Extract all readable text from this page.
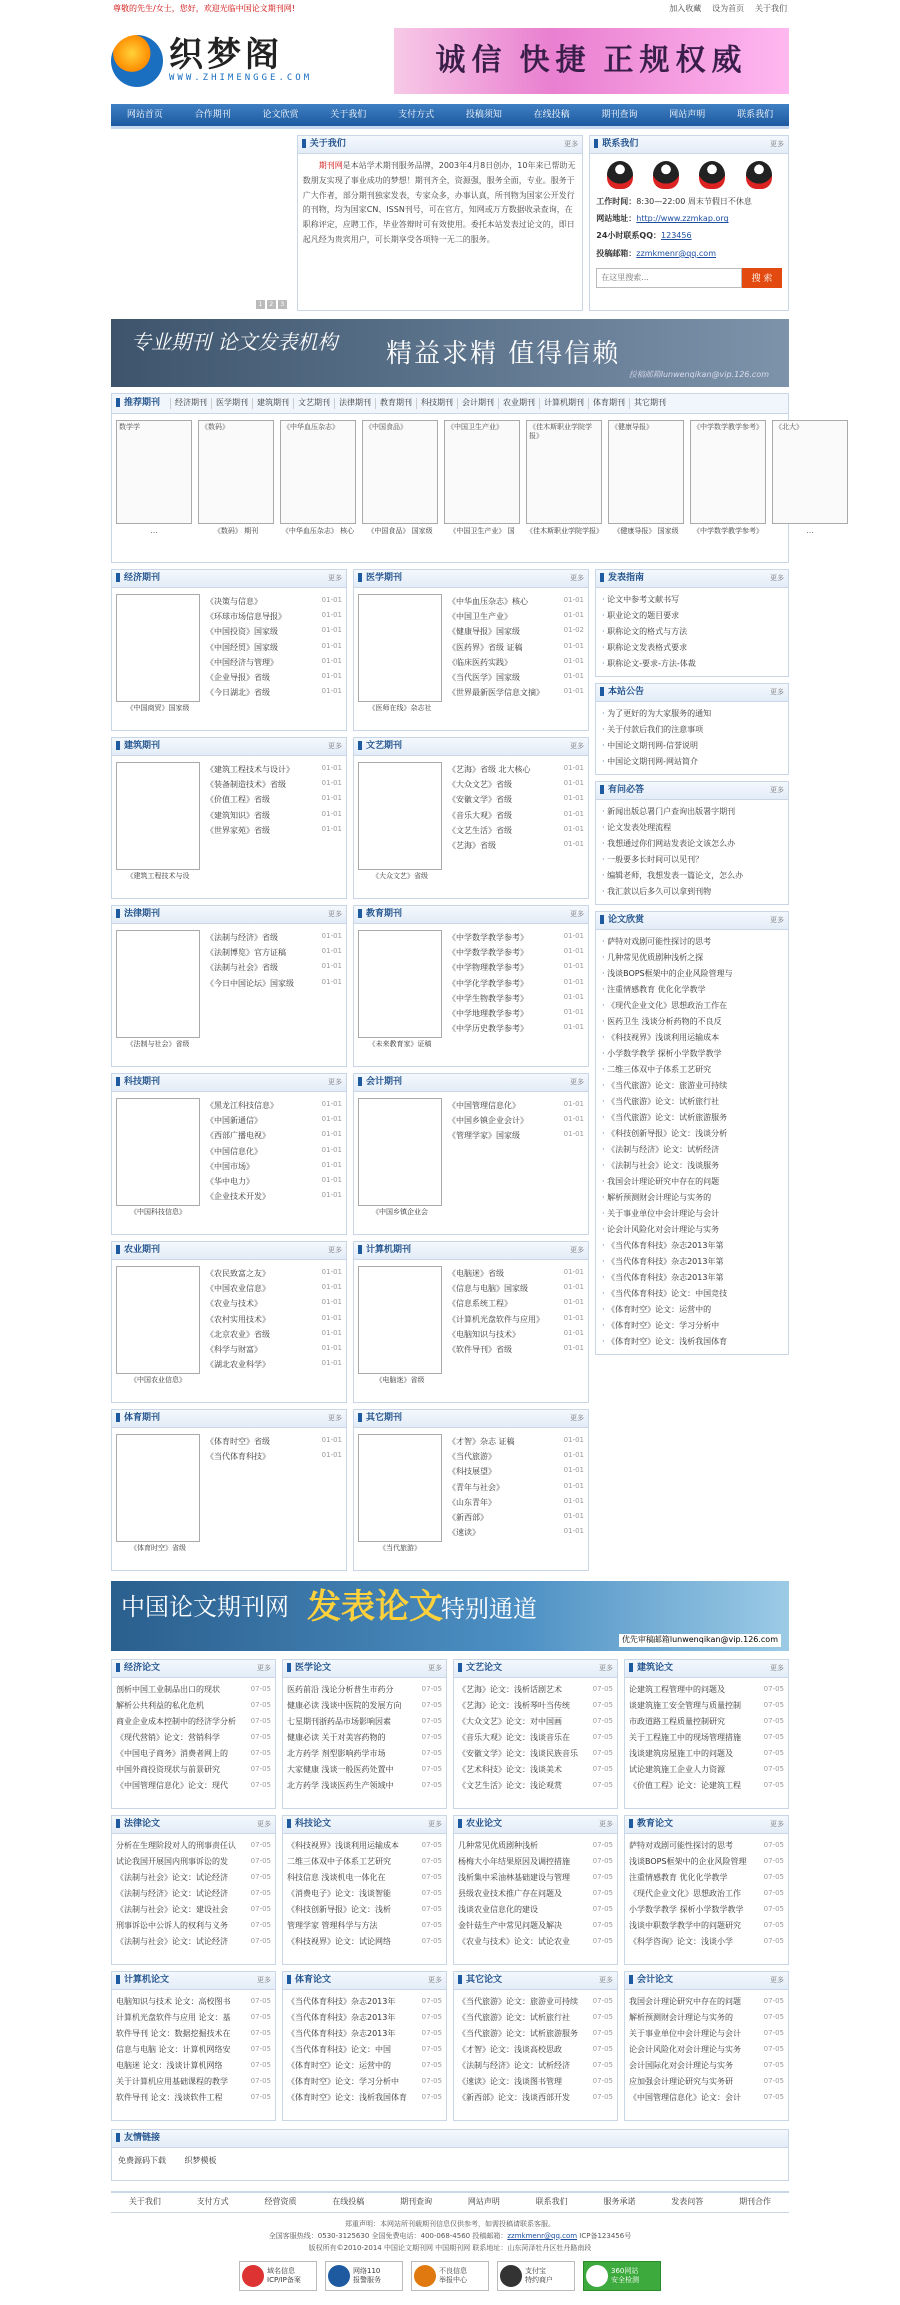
尊敬的先生/女士，您好，欢迎光临中国论文期刊网!	加入收藏 设为首页 关于我们
织梦阁
WWW.ZHIMENGGE.COM
诚信 快捷 正规权威
网站首页	合作期刊	论文欣赏	关于我们	支付方式	投稿须知	在线投稿	期刊查询	网站声明	联系我们
1	2	3
关于我们	更多
期刊网是本站学术期刊服务品牌，2003年4月8日创办，10年来已帮助无数朋友实现了事业成功的梦想！期刊齐全，资源强，服务全面，专业。服务于广大作者，部分期刊独家发表，专家众多，办事认真，所刊物为国家公开发行的刊物，均为国家CN、ISSN刊号，可在官方，知网或万方数据收录查询，在职称评定，应聘工作，毕业答辩时可有效使用。委托本站发表过论文的，即日起凡经为贵宾用户，可长期享受各项特一无二的服务。
联系我们	更多

工作时间：8:30—22:00 周末节假日不休息

网站地址：http://www.zzmkap.org

24小时联系QQ：123456

投稿邮箱：zzmkmenr@qq.com

在这里搜索...
搜 索
专业期刊 论文发表机构 精益求精 值得信赖
投稿邮箱lunwenqikan@vip.126.com
推荐期刊	经济期刊	医学期刊	建筑期刊	文艺期刊	法律期刊	教育期刊	科技期刊	会计期刊	农业期刊	计算机期刊	体育期刊	其它期刊
数学学
…
《数码》
《数码》 期刊
《中华血压杂志》
《中华血压杂志》 核心
《中国食品》
《中国食品》 国家级
《中国卫生产业》
《中国卫生产业》 国
《佳木斯职业学院学报》
《佳木斯职业学院学报》
《健康导报》
《健康导报》 国家级
《中学数学教学参考》
《中学数学教学参考》
《北大》
…
经济期刊	更多
《中国商贸》国家级
《决策与信息》	01-01
《环球市场信息导报》	01-01
《中国投资》国家级	01-01
《中国经贸》国家级	01-01
《中国经济与管理》	01-01
《企业导报》省级	01-01
《今日湖北》省级	01-01
医学期刊	更多
《医师在线》杂志社
《中华血压杂志》核心	01-01
《中国卫生产业》	01-01
《健康导报》国家级	01-02
《医药界》省级 证稿	01-01
《临床医药实践》	01-01
《当代医学》国家级	01-01
《世界最新医学信息文摘》	01-01
建筑期刊	更多
《建筑工程技术与设
《建筑工程技术与设计》	01-01
《装备制造技术》省级	01-01
《价值工程》省级	01-01
《建筑知识》省级	01-01
《世界家苑》省级	01-01
文艺期刊	更多
《大众文艺》省级
《艺海》省级 北大核心	01-01
《大众文艺》省级	01-01
《安徽文学》省级	01-01
《音乐大观》省级	01-01
《文艺生活》省级	01-01
《艺海》省级	01-01
法律期刊	更多
《法制与社会》省级
《法制与经济》省级	01-01
《法制博览》官方证稿	01-01
《法制与社会》省级	01-01
《今日中国论坛》国家级	01-01
教育期刊	更多
《未来教育家》证稿
《中学数学教学参考》	01-01
《中学数学教学参考》	01-01
《中学物理教学参考》	01-01
《中学化学教学参考》	01-01
《中学生物教学参考》	01-01
《中学地理教学参考》	01-01
《中学历史教学参考》	01-01
科技期刊	更多
《中国科技信息》
《黑龙江科技信息》	01-01
《中国新通信》	01-01
《西部广播电视》	01-01
《中国信息化》	01-01
《中国市场》	01-01
《华中电力》	01-01
《企业技术开发》	01-01
会计期刊	更多
《中国乡镇企业会
《中国管理信息化》	01-01
《中国乡镇企业会计》	01-01
《管理学家》国家级	01-01
农业期刊	更多
《中国农业信息》
《农民致富之友》	01-01
《中国农业信息》	01-01
《农业与技术》	01-01
《农村实用技术》	01-01
《北京农业》省级	01-01
《科学与财富》	01-01
《湖北农业科学》	01-01
计算机期刊	更多
《电脑迷》省级
《电脑迷》省级	01-01
《信息与电脑》国家级	01-01
《信息系统工程》	01-01
《计算机光盘软件与应用》	01-01
《电脑知识与技术》	01-01
《软件导刊》省级	01-01
体育期刊	更多
《体育时空》省级
《体育时空》省级	01-01
《当代体育科技》	01-01
其它期刊	更多
《当代旅游》
《才智》杂志 证稿	01-01
《当代旅游》	01-01
《科技展望》	01-01
《青年与社会》	01-01
《山东青年》	01-01
《新西部》	01-01
《速读》	01-01
发表指南	更多
· 论文中参考文献书写
· 职业论文的题目要求
· 职称论文的格式与方法
· 职称论文发表格式要求
· 职称论文-要求-方法-体裁
本站公告	更多
· 为了更好的为大家服务的通知
· 关于付款后我们的注意事项
· 中国论文期刊网-信誉说明
· 中国论文期刊网-网站简介
有问必答	更多
· 新闻出版总署门户查询出版署字期刊
· 论文发表处理流程
· 我想通过你们网站发表论文该怎么办
· 一般要多长时间可以见刊？
· 编辑老师，我想发表一篇论文，怎么办
· 我汇款以后多久可以拿到刊物
论文欣赏	更多
· 萨特对戏剧可能性探讨的思考
· 几种常见优质剧种浅析之探
· 浅谈BOPS框架中的企业风险管理与
· 注重情感教育 优化化学教学
· 《现代企业文化》思想政治工作在
· 医药卫生 浅谈分析药物的不良反
· 《科技视界》浅谈利用运输成本
· 小学数学教学 探析小学数学教学
· 二维三体双中子体系工艺研究
· 《当代旅游》论文：旅游业可持续
· 《当代旅游》论文：试析旅行社
· 《当代旅游》论文：试析旅游服务
· 《科技创新导报》论文：浅谈分析
· 《法制与经济》论文：试析经济
· 《法制与社会》论文：浅谈服务
· 我国会计理论研究中存在的问题
· 解析预测财会计理论与实务的
· 关于事业单位中会计理论与会计
· 论会计风险化对会计理论与实务
· 《当代体育科技》杂志2013年第
· 《当代体育科技》杂志2013年第
· 《当代体育科技》杂志2013年第
· 《当代体育科技》论文：中国竞技
· 《体育时空》论文：运营中的
· 《体育时空》论文：学习分析中
· 《体育时空》论文：浅析我国体育
中国论文期刊网 发表论文
特别通道
优先审稿邮箱lunwenqikan@vip.126.com
经济论文	更多
剖析中国工业制品出口的现状	07-05
解析公共利益的私化危机	07-05
商业企业成本控制中的经济学分析	07-05
《现代营销》论文：营销科学	07-05
《中国电子商务》消费者网上的	07-05
中国外商投资现状与前景研究	07-05
《中国管理信息化》论文：现代	07-05
医学论文	更多
医药前沿 浅论分析普生市药分	07-05
健康必读 浅谈中医院的发展方向	07-05
七星期刊浙药品市场影响因素	07-05
健康必读 关于对美容药物的	07-05
北方药学 剂型影响药学市场	07-05
大家健康 浅谈一般医药处置中	07-05
北方药学 浅谈医药生产领域中	07-05
文艺论文	更多
《艺海》论文：浅析话剧艺术	07-05
《艺海》论文：浅析琴叶当传统	07-05
《大众文艺》论文：对中国画	07-05
《音乐大观》论文：浅谈音乐在	07-05
《安徽文学》论文：浅谈民族音乐	07-05
《艺术科技》论文：浅谈美术	07-05
《文艺生活》论文：浅论观赏	07-05
建筑论文	更多
论建筑工程管理中的问题及	07-05
谈建筑施工安全管理与质量控制	07-05
市政道路工程质量控制研究	07-05
关于工程施工中的现场管理措施	07-05
浅谈建筑房屋施工中的问题及	07-05
试论建筑施工企业人力资源	07-05
《价值工程》论文：论建筑工程	07-05
法律论文	更多
分析在生理阶段对人的刑事责任认	07-05
试论我国开展国内刑事诉讼的发	07-05
《法制与社会》论文：试论经济	07-05
《法制与经济》论文：试论经济	07-05
《法制与社会》论文：建设社会	07-05
刑事诉讼中公诉人的权利与义务	07-05
《法制与社会》论文：试论经济	07-05
科技论文	更多
《科技视界》浅谈利用运输成本	07-05
二维三体双中子体系工艺研究	07-05
科技信息 浅谈机电一体化在	07-05
《消费电子》论文：浅谈智能	07-05
《科技创新导报》论文：浅析	07-05
管理学家 管理科学与方法	07-05
《科技视界》论文：试论网络	07-05
农业论文	更多
几种常见优质剧种浅析	07-05
杨梅大小年结果原因及调控措施	07-05
浅析集中采油林基础建设与管理	07-05
县级农业技术推广存在问题及	07-05
浅谈农业信息化的建设	07-05
金针菇生产中常见问题及解决	07-05
《农业与技术》论文：试论农业	07-05
教育论文	更多
萨特对戏剧可能性探讨的思考	07-05
浅谈BOPS框架中的企业风险管理	07-05
注重情感教育 优化化学教学	07-05
《现代企业文化》思想政治工作	07-05
小学数学教学 探析小学数学教学	07-05
浅谈中职数学教学中的问题研究	07-05
《科学咨询》论文：浅谈小学	07-05
计算机论文	更多
电脑知识与技术 论文：高校图书	07-05
计算机光盘软件与应用 论文：基	07-05
软件导刊 论文：数据挖掘技术在	07-05
信息与电脑 论文：计算机网络安	07-05
电脑迷 论文：浅谈计算机网络	07-05
关于计算机应用基础课程的教学	07-05
软件导刊 论文：浅谈软件工程	07-05
体育论文	更多
《当代体育科技》杂志2013年	07-05
《当代体育科技》杂志2013年	07-05
《当代体育科技》杂志2013年	07-05
《当代体育科技》论文：中国	07-05
《体育时空》论文：运营中的	07-05
《体育时空》论文：学习分析中	07-05
《体育时空》论文：浅析我国体育	07-05
其它论文	更多
《当代旅游》论文：旅游业可持续	07-05
《当代旅游》论文：试析旅行社	07-05
《当代旅游》论文：试析旅游服务	07-05
《才智》论文：浅谈高校思政	07-05
《法制与经济》论文：试析经济	07-05
《速读》论文：浅谈图书管理	07-05
《新西部》论文：浅谈西部开发	07-05
会计论文	更多
我国会计理论研究中存在的问题	07-05
解析预测财会计理论与实务的	07-05
关于事业单位中会计理论与会计	07-05
论会计风险化对会计理论与实务	07-05
会计国际化对会计理论与实务	07-05
应加强会计理论研究与实务研	07-05
《中国管理信息化》论文：会计	07-05
友情链接
免费源码下载 织梦模板
关于我们	支付方式	经营资质	在线投稿	期刊查询	网站声明	联系我们	服务承诺	发表问答	期刊合作
郑重声明：本网站所刊载期刊信息仅供参考，如需投稿请联系客服。
全国客服热线：0530-3125630 全国免费电话：400-068-4560 投稿邮箱：zzmkmenr@qq.com ICP备123456号
版权所有©2010-2014 中国论文期刊网 中国期刊网 联系地址：山东菏泽牡丹区牡丹路南段
域名信息
ICP/IP备案
网络110
报警服务
不良信息
举报中心
支付宝
特约商户
360网站
安全检测
